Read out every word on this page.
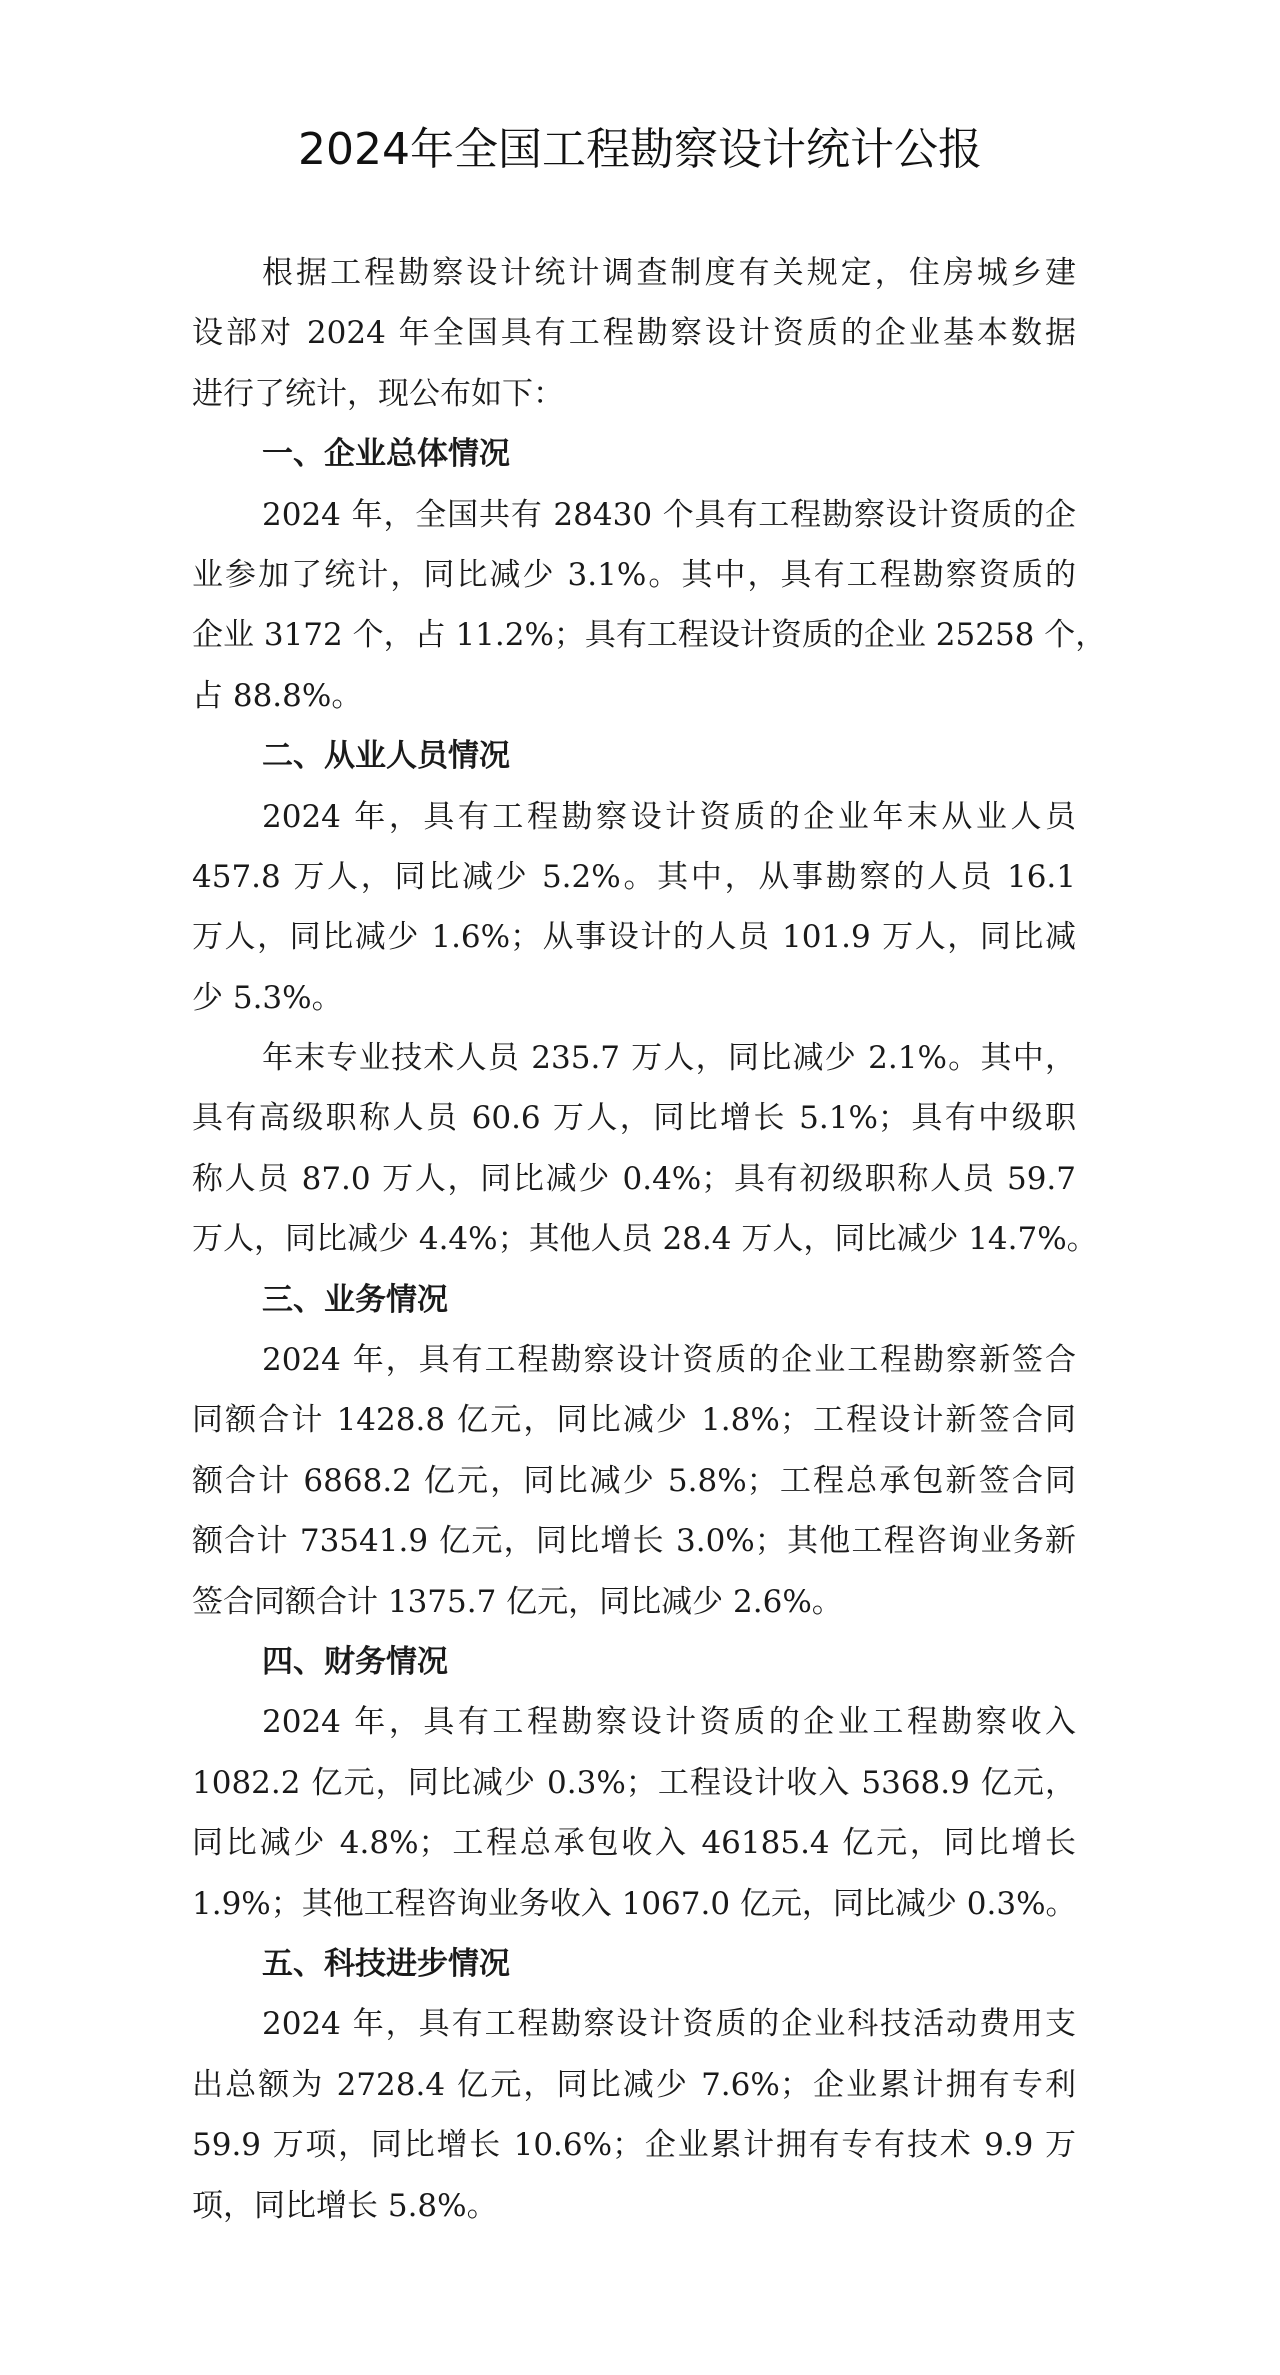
2024年全国工程勘察设计统计公报
根据工程勘察设计统计调查制度有关规定，住房城乡建
设部对 2024 年全国具有工程勘察设计资质的企业基本数据
进行了统计，现公布如下：
一、企业总体情况
2024 年，全国共有 28430 个具有工程勘察设计资质的企
业参加了统计，同比减少 3.1%。其中，具有工程勘察资质的
企业 3172 个，占 11.2%；具有工程设计资质的企业 25258 个，
占 88.8%。
二、从业人员情况
2024 年，具有工程勘察设计资质的企业年末从业人员
457.8 万人，同比减少 5.2%。其中，从事勘察的人员 16.1
万人，同比减少 1.6%；从事设计的人员 101.9 万人，同比减
少 5.3%。
年末专业技术人员 235.7 万人，同比减少 2.1%。其中，
具有高级职称人员 60.6 万人，同比增长 5.1%；具有中级职
称人员 87.0 万人，同比减少 0.4%；具有初级职称人员 59.7
万人，同比减少 4.4%；其他人员 28.4 万人，同比减少 14.7%。
三、业务情况
2024 年，具有工程勘察设计资质的企业工程勘察新签合
同额合计 1428.8 亿元，同比减少 1.8%；工程设计新签合同
额合计 6868.2 亿元，同比减少 5.8%；工程总承包新签合同
额合计 73541.9 亿元，同比增长 3.0%；其他工程咨询业务新
签合同额合计 1375.7 亿元，同比减少 2.6%。
四、财务情况
2024 年，具有工程勘察设计资质的企业工程勘察收入
1082.2 亿元，同比减少 0.3%；工程设计收入 5368.9 亿元，
同比减少 4.8%；工程总承包收入 46185.4 亿元，同比增长
1.9%；其他工程咨询业务收入 1067.0 亿元，同比减少 0.3%。
五、科技进步情况
2024 年，具有工程勘察设计资质的企业科技活动费用支
出总额为 2728.4 亿元，同比减少 7.6%；企业累计拥有专利
59.9 万项，同比增长 10.6%；企业累计拥有专有技术 9.9 万
项，同比增长 5.8%。
